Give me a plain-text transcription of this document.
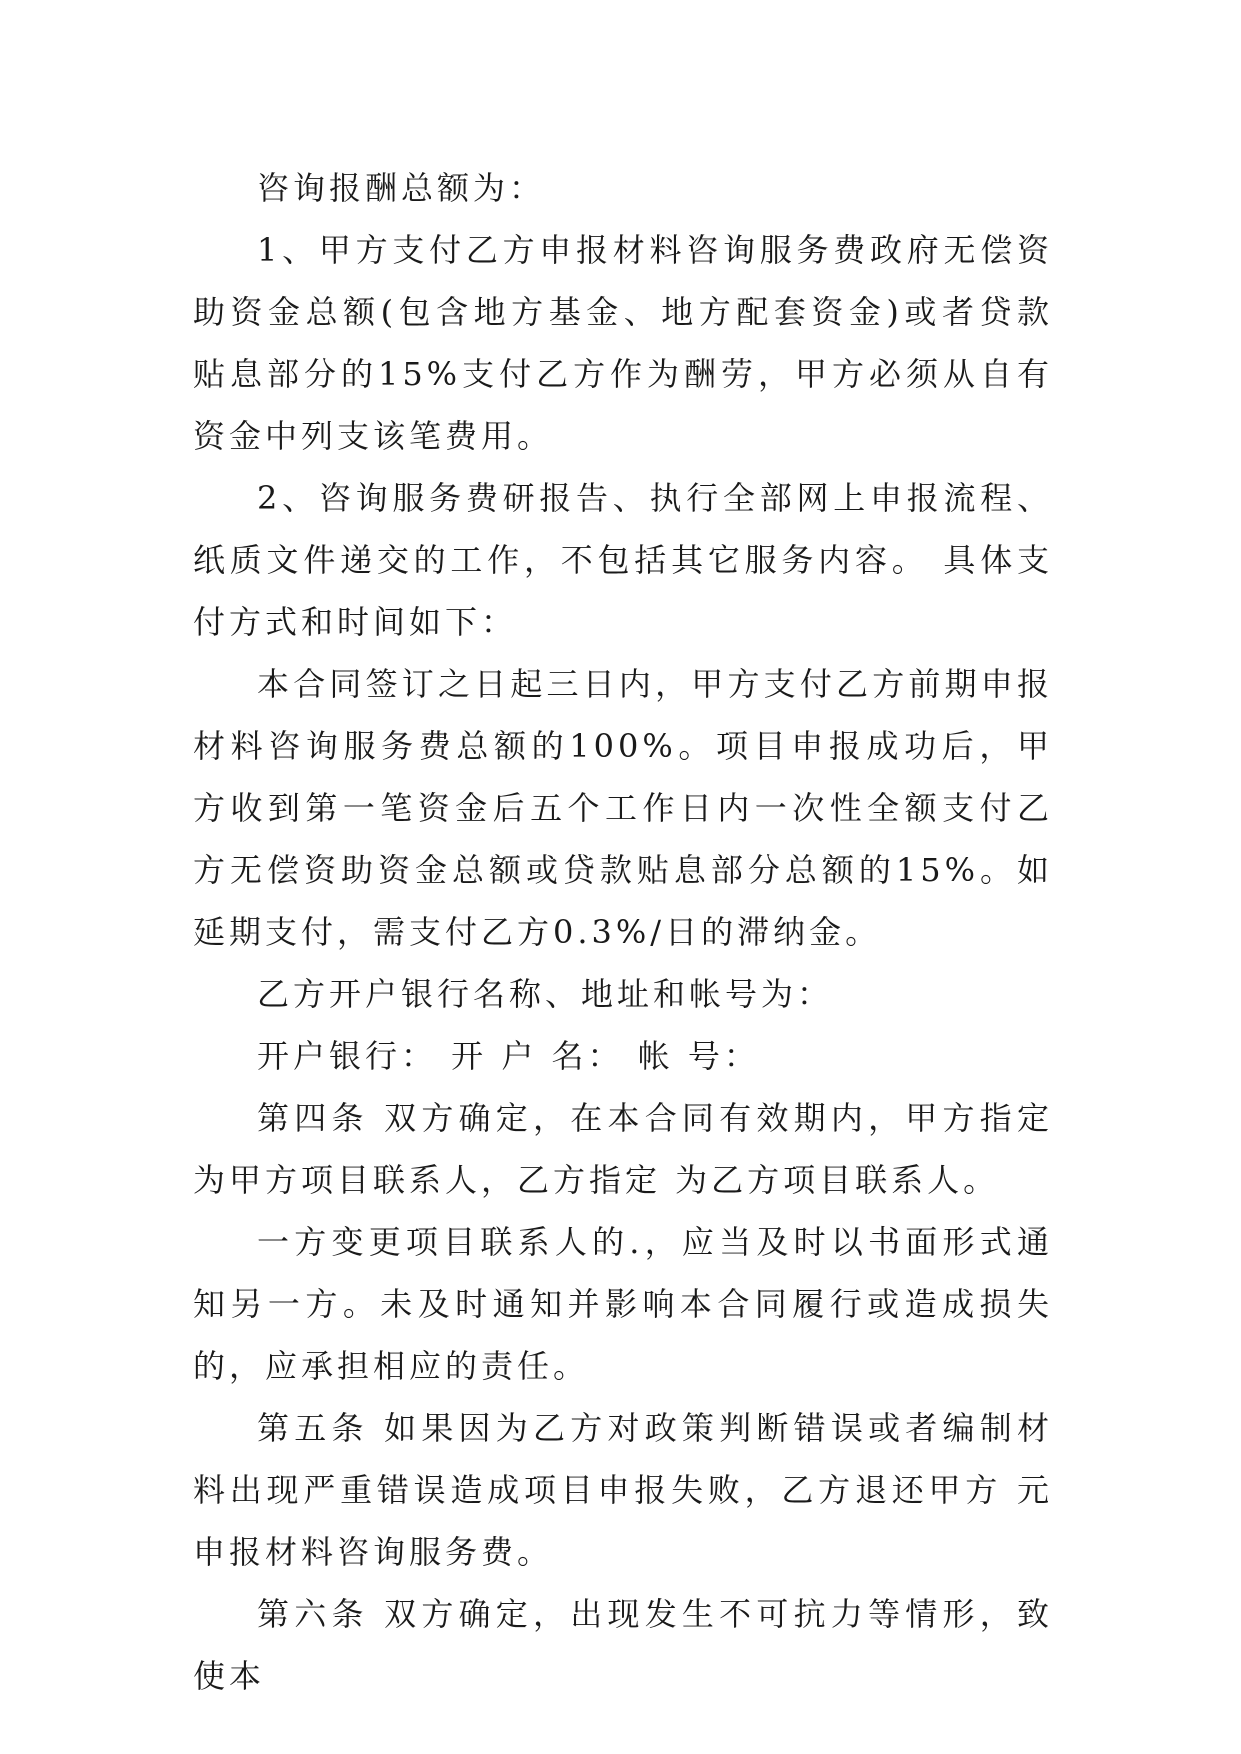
咨询报酬总额为：

1、甲方支付乙方申报材料咨询服务费政府无偿资助资金总额(包含地方基金、地方配套资金)或者贷款贴息部分的15%支付乙方作为酬劳，甲方必须从自有资金中列支该笔费用。

2、咨询服务费研报告、执行全部网上申报流程、纸质文件递交的工作，不包括其它服务内容。 具体支付方式和时间如下：

本合同签订之日起三日内，甲方支付乙方前期申报材料咨询服务费总额的100%。项目申报成功后，甲方收到第一笔资金后五个工作日内一次性全额支付乙方无偿资助资金总额或贷款贴息部分总额的15%。如延期支付，需支付乙方0.3%/日的滞纳金。

乙方开户银行名称、地址和帐号为：

开户银行： 开 户 名： 帐 号：

第四条 双方确定，在本合同有效期内，甲方指定为甲方项目联系人，乙方指定 为乙方项目联系人。

一方变更项目联系人的.，应当及时以书面形式通知另一方。未及时通知并影响本合同履行或造成损失的，应承担相应的责任。

第五条 如果因为乙方对政策判断错误或者编制材料出现严重错误造成项目申报失败，乙方退还甲方 元申报材料咨询服务费。

第六条 双方确定，出现发生不可抗力等情形，致使本
